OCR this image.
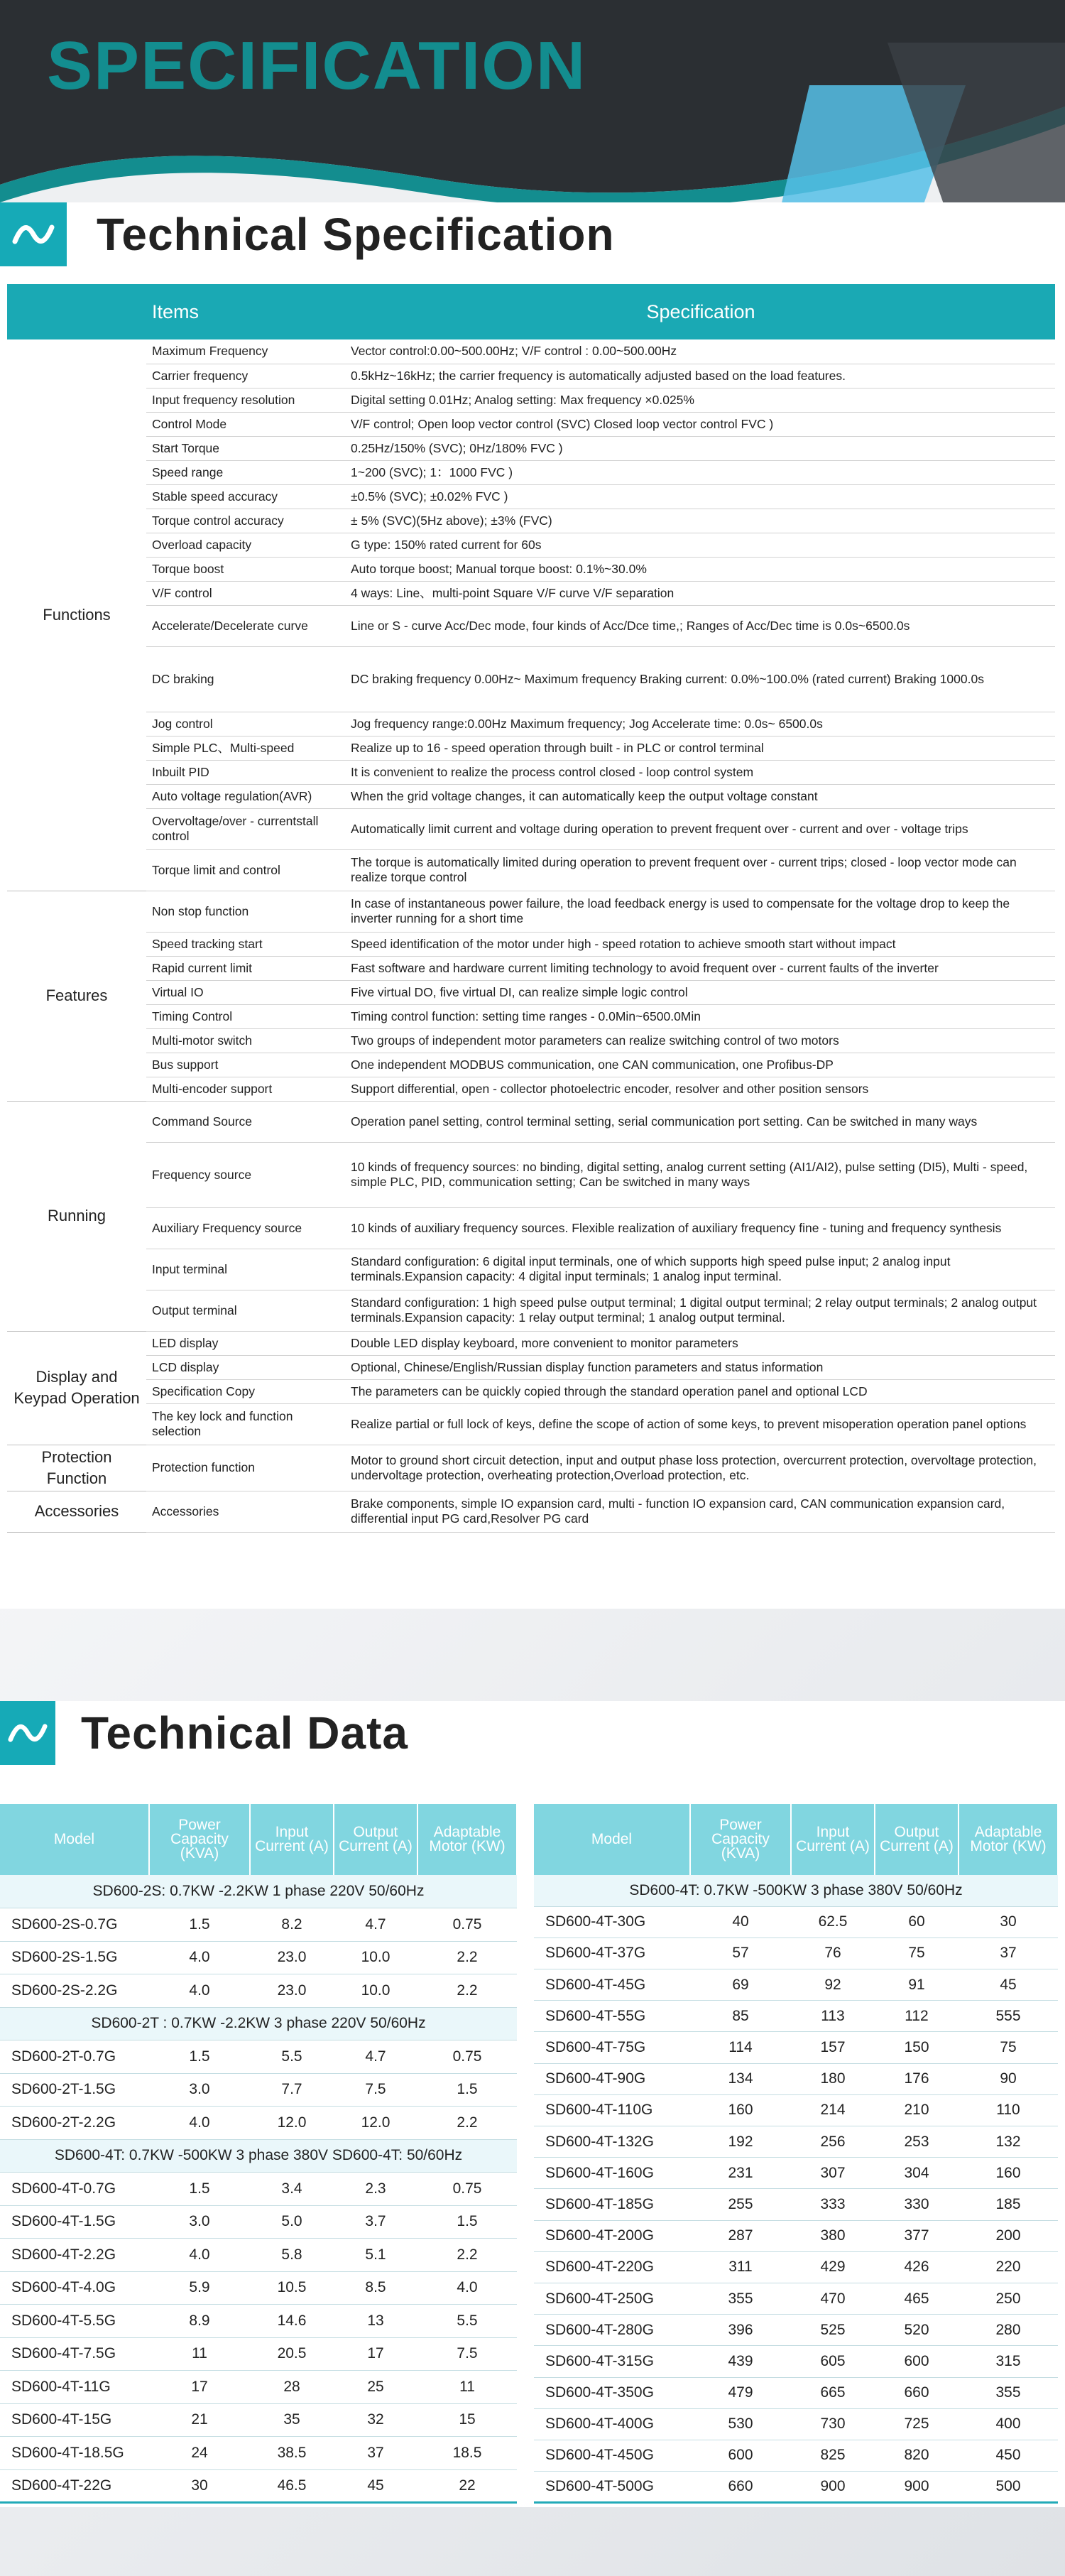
SPECIFICATION
Technical Specification
	Items	Specification
Functions	Maximum Frequency	Vector control:0.00~500.00Hz; V/F control : 0.00~500.00Hz
	Carrier frequency	0.5kHz~16kHz; the carrier frequency is automatically adjusted based on the load features.
	Input frequency resolution	Digital setting 0.01Hz; Analog setting: Max frequency ×0.025%
	Control Mode	V/F control; Open loop vector control (SVC) Closed loop vector control FVC )
	Start Torque	0.25Hz/150% (SVC); 0Hz/180% FVC )
	Speed range	1~200 (SVC); 1：1000 FVC )
	Stable speed accuracy	±0.5% (SVC); ±0.02% FVC )
	Torque control accuracy	± 5% (SVC)(5Hz above); ±3% (FVC)
	Overload capacity	G type: 150% rated current for 60s
	Torque boost	Auto torque boost; Manual torque boost: 0.1%~30.0%
	V/F control	4 ways: Line、multi-point Square V/F curve V/F separation
	Accelerate/Decelerate curve	Line or S - curve Acc/Dec mode, four kinds of Acc/Dce time,; Ranges of Acc/Dec time is 0.0s~6500.0s
	DC braking	DC braking frequency 0.00Hz~ Maximum frequency Braking current: 0.0%~100.0% (rated current) Braking 1000.0s
	Jog control	Jog frequency range:0.00Hz Maximum frequency; Jog Accelerate time: 0.0s~ 6500.0s
	Simple PLC、Multi-speed	Realize up to 16 - speed operation through built - in PLC or control terminal
	Inbuilt PID	It is convenient to realize the process control closed - loop control system
	Auto voltage regulation(AVR)	When the grid voltage changes, it can automatically keep the output voltage constant
	Overvoltage/over - currentstall control	Automatically limit current and voltage during operation to prevent frequent over - current and over - voltage trips
	Torque limit and control	The torque is automatically limited during operation to prevent frequent over - current trips; closed - loop vector mode can realize torque control
Features	Non stop function	In case of instantaneous power failure, the load feedback energy is used to compensate for the voltage drop to keep the inverter running for a short time
	Speed tracking start	Speed identification of the motor under high - speed rotation to achieve smooth start without impact
	Rapid current limit	Fast software and hardware current limiting technology to avoid frequent over - current faults of the inverter
	Virtual IO	Five virtual DO, five virtual DI, can realize simple logic control
	Timing Control	Timing control function: setting time ranges - 0.0Min~6500.0Min
	Multi-motor switch	Two groups of independent motor parameters can realize switching control of two motors
	Bus support	One independent MODBUS communication, one CAN communication, one Profibus-DP
	Multi-encoder support	Support differential, open - collector photoelectric encoder, resolver and other position sensors
Running	Command Source	Operation panel setting, control terminal setting, serial communication port setting. Can be switched in many ways
	Frequency source	10 kinds of frequency sources: no binding, digital setting, analog current setting (AI1/AI2), pulse setting (DI5), Multi - speed, simple PLC, PID, communication setting; Can be switched in many ways
	Auxiliary Frequency source	10 kinds of auxiliary frequency sources. Flexible realization of auxiliary frequency fine - tuning and frequency synthesis
	Input terminal	Standard configuration: 6 digital input terminals, one of which supports high speed pulse input; 2 analog input terminals.Expansion capacity: 4 digital input terminals; 1 analog input terminal.
	Output terminal	Standard configuration: 1 high speed pulse output terminal; 1 digital output terminal; 2 relay output terminals; 2 analog output terminals.Expansion capacity: 1 relay output terminal; 1 analog output terminal.
Display and Keypad Operation	LED display	Double LED display keyboard, more convenient to monitor parameters
	LCD display	Optional, Chinese/English/Russian display function parameters and status information
	Specification Copy	The parameters can be quickly copied through the standard operation panel and optional LCD
	The key lock and function selection	Realize partial or full lock of keys, define the scope of action of some keys, to prevent misoperation operation panel options
Protection Function	Protection function	Motor to ground short circuit detection, input and output phase loss protection, overcurrent protection, overvoltage protection, undervoltage protection, overheating protection,Overload protection, etc.
Accessories	Accessories	Brake components, simple IO expansion card, multi - function IO expansion card, CAN communication expansion card, differential input PG card,Resolver PG card
Technical Data
Model	Power Capacity (KVA)	Input Current (A)	Output Current (A)	Adaptable Motor (KW)
SD600-2S: 0.7KW -2.2KW 1 phase 220V 50/60Hz				
SD600-2S-0.7G	1.5	8.2	4.7	0.75
SD600-2S-1.5G	4.0	23.0	10.0	2.2
SD600-2S-2.2G	4.0	23.0	10.0	2.2
SD600-2T : 0.7KW -2.2KW 3 phase 220V 50/60Hz				
SD600-2T-0.7G	1.5	5.5	4.7	0.75
SD600-2T-1.5G	3.0	7.7	7.5	1.5
SD600-2T-2.2G	4.0	12.0	12.0	2.2
SD600-4T: 0.7KW -500KW 3 phase 380V SD600-4T: 50/60Hz				
SD600-4T-0.7G	1.5	3.4	2.3	0.75
SD600-4T-1.5G	3.0	5.0	3.7	1.5
SD600-4T-2.2G	4.0	5.8	5.1	2.2
SD600-4T-4.0G	5.9	10.5	8.5	4.0
SD600-4T-5.5G	8.9	14.6	13	5.5
SD600-4T-7.5G	11	20.5	17	7.5
SD600-4T-11G	17	28	25	11
SD600-4T-15G	21	35	32	15
SD600-4T-18.5G	24	38.5	37	18.5
SD600-4T-22G	30	46.5	45	22
Model	Power Capacity (KVA)	Input Current (A)	Output Current (A)	Adaptable Motor (KW)
SD600-4T: 0.7KW -500KW 3 phase 380V 50/60Hz				
SD600-4T-30G	40	62.5	60	30
SD600-4T-37G	57	76	75	37
SD600-4T-45G	69	92	91	45
SD600-4T-55G	85	113	112	555
SD600-4T-75G	114	157	150	75
SD600-4T-90G	134	180	176	90
SD600-4T-110G	160	214	210	110
SD600-4T-132G	192	256	253	132
SD600-4T-160G	231	307	304	160
SD600-4T-185G	255	333	330	185
SD600-4T-200G	287	380	377	200
SD600-4T-220G	311	429	426	220
SD600-4T-250G	355	470	465	250
SD600-4T-280G	396	525	520	280
SD600-4T-315G	439	605	600	315
SD600-4T-350G	479	665	660	355
SD600-4T-400G	530	730	725	400
SD600-4T-450G	600	825	820	450
SD600-4T-500G	660	900	900	500
